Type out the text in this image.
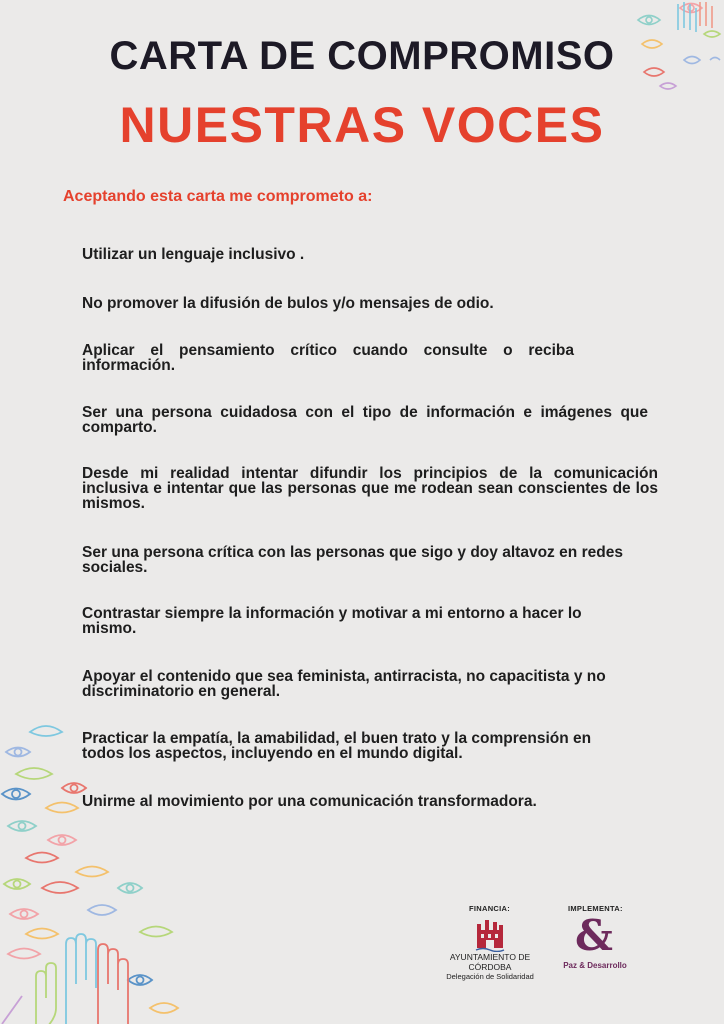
CARTA DE COMPROMISO
NUESTRAS VOCES
Aceptando esta carta me comprometo a:
Utilizar un lenguaje inclusivo .
No promover la difusión de bulos y/o mensajes de odio.
Aplicar el pensamiento crítico cuando consulte o reciba información.
Ser una persona cuidadosa con el tipo de información e imágenes que comparto.
Desde mi realidad intentar difundir los principios de la comunicación inclusiva e intentar que las personas que me rodean sean conscientes de los mismos.
Ser una persona crítica con las personas que sigo y doy altavoz en redes sociales.
Contrastar siempre la información y motivar a mi entorno a hacer lo mismo.
Apoyar el contenido que sea feminista, antirracista, no capacitista y no discriminatorio en general.
Practicar la empatía, la amabilidad, el buen trato y la comprensión en todos los aspectos, incluyendo en el mundo digital.
Unirme al movimiento por una comunicación transformadora.
FINANCIA:	IMPLEMENTA:
AYUNTAMIENTO DE CÓRDOBA
Delegación de Solidaridad
&
Paz & Desarrollo
